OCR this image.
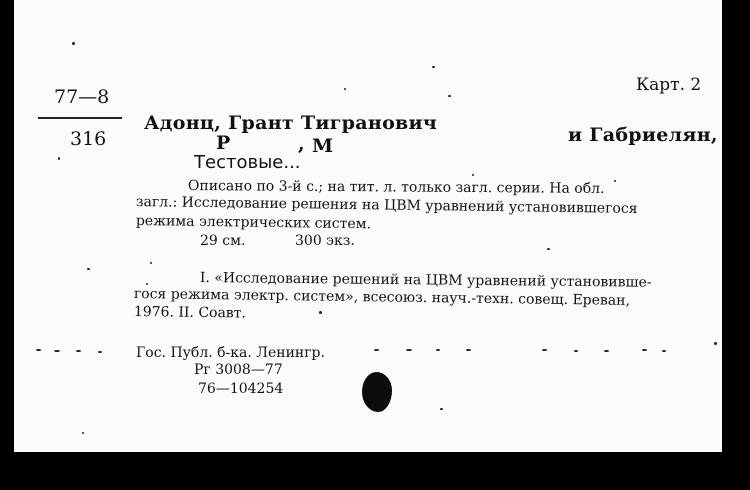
77—8
316
Карт. 2
Адонц, Грант Тигранович
и Габриелян,
Р	, М
Тестовые...
Описано по 3-й с.; на тит. л. только загл. серии. На обл.
загл.: Исследование решения на ЦВМ уравнений установившегося
режима электрических систем.
29 см.	300 экз.
I. «Исследование решений на ЦВМ уравнений установивше-
гося режима электр. систем», всесоюз. науч.-техн. совещ. Ереван,
1976. II. Соавт.
Гос. Публ. б-ка. Ленингр.
Рг 3008—77
76—104254
